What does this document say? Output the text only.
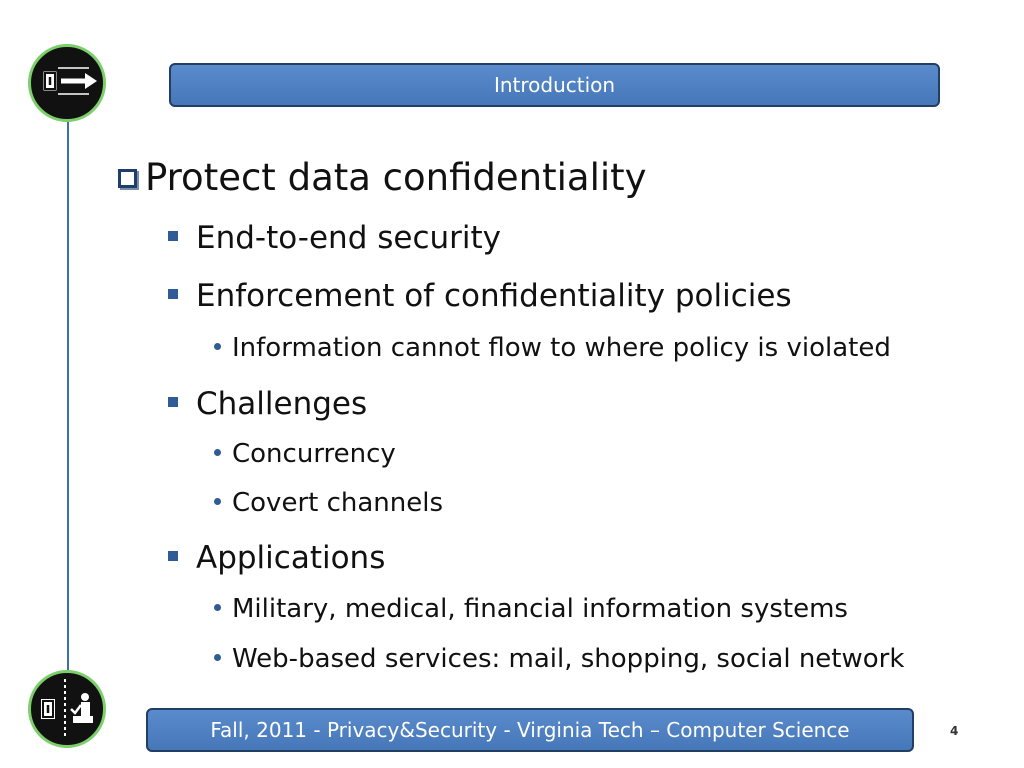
Introduction
Protect data confidentiality
End-to-end security
Enforcement of confidentiality policies
Information cannot flow to where policy is violated
Challenges
Concurrency
Covert channels
Applications
Military, medical, financial information systems
Web-based services: mail, shopping, social network
Fall, 2011 - Privacy&Security - Virginia Tech – Computer Science	4
